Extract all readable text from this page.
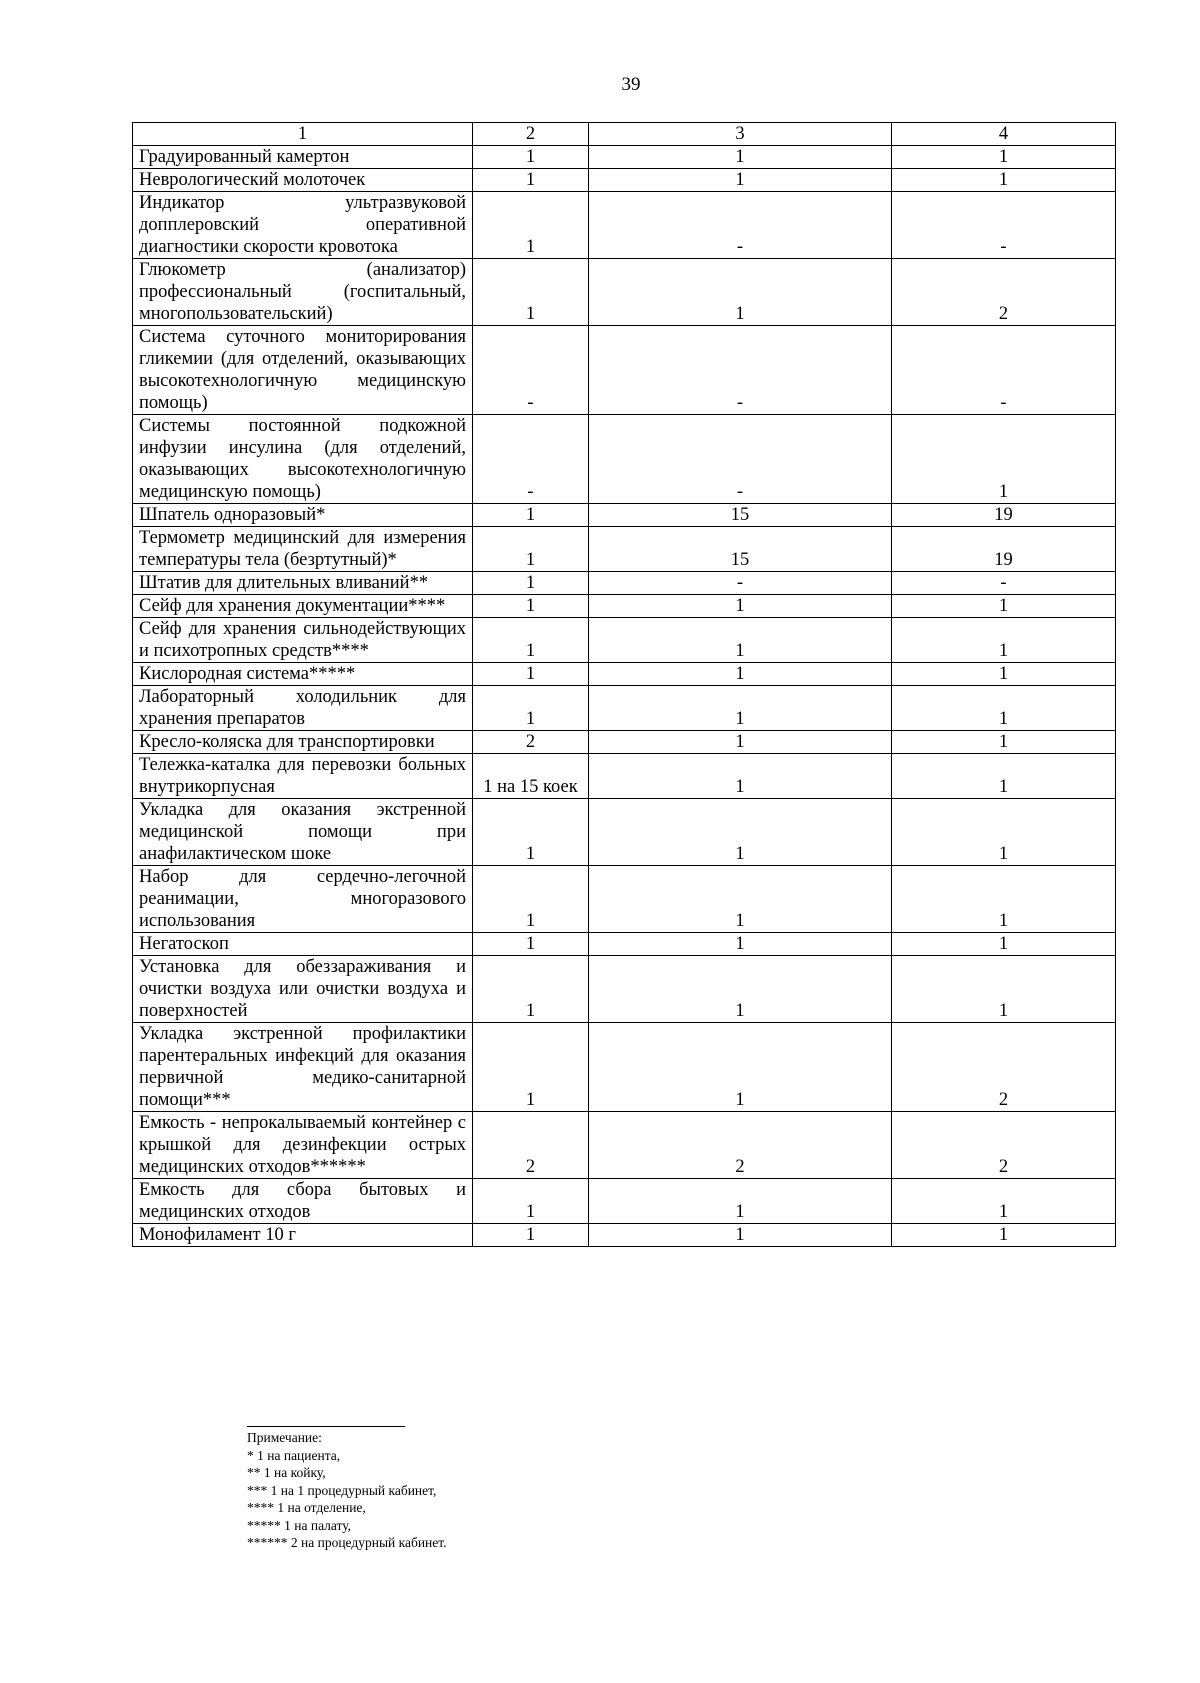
39
1	2	3	4
Градуированный камертон	1	1	1
Неврологический молоточек	1	1	1
Индикатор ультразвуковой допплеровский оперативной диагностики скорости кровотока	1	-	-
Глюкометр (анализатор) профессиональный (госпитальный, многопользовательский)	1	1	2
Система суточного мониторирования гликемии (для отделений, оказывающих высокотехнологичную медицинскую помощь)	-	-	-
Системы постоянной подкожной инфузии инсулина (для отделений, оказывающих высокотехнологичную медицинскую помощь)	-	-	1
Шпатель одноразовый*	1	15	19
Термометр медицинский для измерения температуры тела (безртутный)*	1	15	19
Штатив для длительных вливаний**	1	-	-
Сейф для хранения документации****	1	1	1
Сейф для хранения сильнодействующих и психотропных средств****	1	1	1
Кислородная система*****	1	1	1
Лабораторный холодильник для хранения препаратов	1	1	1
Кресло-коляска для транспортировки	2	1	1
Тележка-каталка для перевозки больных внутрикорпусная	1 на 15 коек	1	1
Укладка для оказания экстренной медицинской помощи при анафилактическом шоке	1	1	1
Набор для сердечно-легочной реанимации, многоразового использования	1	1	1
Негатоскоп	1	1	1
Установка для обеззараживания и очистки воздуха или очистки воздуха и поверхностей	1	1	1
Укладка экстренной профилактики парентеральных инфекций для оказания первичной медико-санитарной помощи***	1	1	2
Емкость - непрокалываемый контейнер с крышкой для дезинфекции острых медицинских отходов******	2	2	2
Емкость для сбора бытовых и медицинских отходов	1	1	1
Монофиламент 10 г	1	1	1
Примечание:
* 1 на пациента,
** 1 на койку,
*** 1 на 1 процедурный кабинет,
**** 1 на отделение,
***** 1 на палату,
****** 2 на процедурный кабинет.
